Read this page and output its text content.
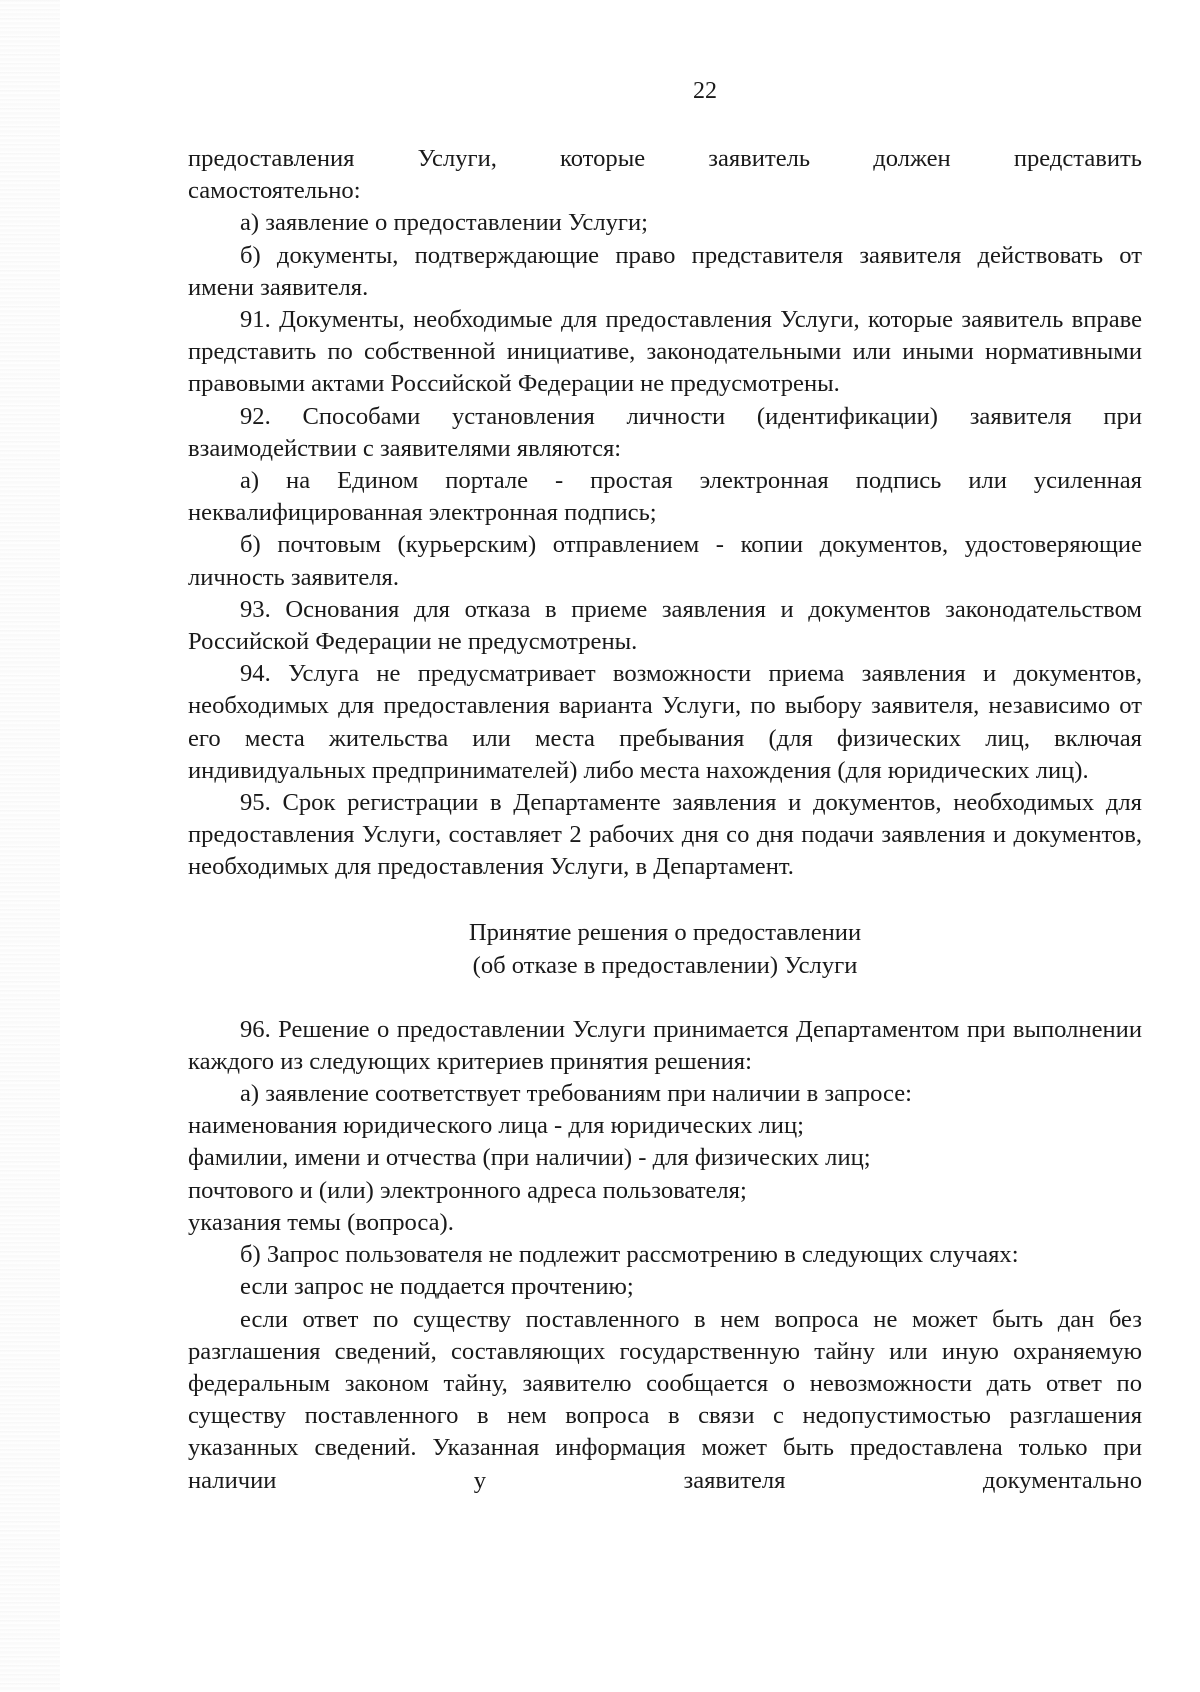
22

предоставления Услуги, которые заявитель должен представить

самостоятельно:

а) заявление о предоставлении Услуги;

б) документы, подтверждающие право представителя заявителя действовать от имени заявителя.

91. Документы, необходимые для предоставления Услуги, которые заявитель вправе представить по собственной инициативе, законодательными или иными нормативными правовыми актами Российской Федерации не предусмотрены.

92. Способами установления личности (идентификации) заявителя при взаимодействии с заявителями являются:

а) на Едином портале - простая электронная подпись или усиленная неквалифицированная электронная подпись;

б) почтовым (курьерским) отправлением - копии документов, удостоверяющие личность заявителя.

93. Основания для отказа в приеме заявления и документов законодательством Российской Федерации не предусмотрены.

94. Услуга не предусматривает возможности приема заявления и документов, необходимых для предоставления варианта Услуги, по выбору заявителя, независимо от его места жительства или места пребывания (для физических лиц, включая индивидуальных предпринимателей) либо места нахождения (для юридических лиц).

95. Срок регистрации в Департаменте заявления и документов, необходимых для предоставления Услуги, составляет 2 рабочих дня со дня подачи заявления и документов, необходимых для предоставления Услуги, в Департамент.

Принятие решения о предоставлении
(об отказе в предоставлении) Услуги

96. Решение о предоставлении Услуги принимается Департаментом при выполнении каждого из следующих критериев принятия решения:

а) заявление соответствует требованиям при наличии в запросе:

наименования юридического лица - для юридических лиц;

фамилии, имени и отчества (при наличии) - для физических лиц;

почтового и (или) электронного адреса пользователя;

указания темы (вопроса).

б) Запрос пользователя не подлежит рассмотрению в следующих случаях:

если запрос не поддается прочтению;

если ответ по существу поставленного в нем вопроса не может быть дан без разглашения сведений, составляющих государственную тайну или иную охраняемую федеральным законом тайну, заявителю сообщается о невозможности дать ответ по существу поставленного в нем вопроса в связи с недопустимостью разглашения указанных сведений. Указанная информация может быть предоставлена только при наличии у заявителя документально
